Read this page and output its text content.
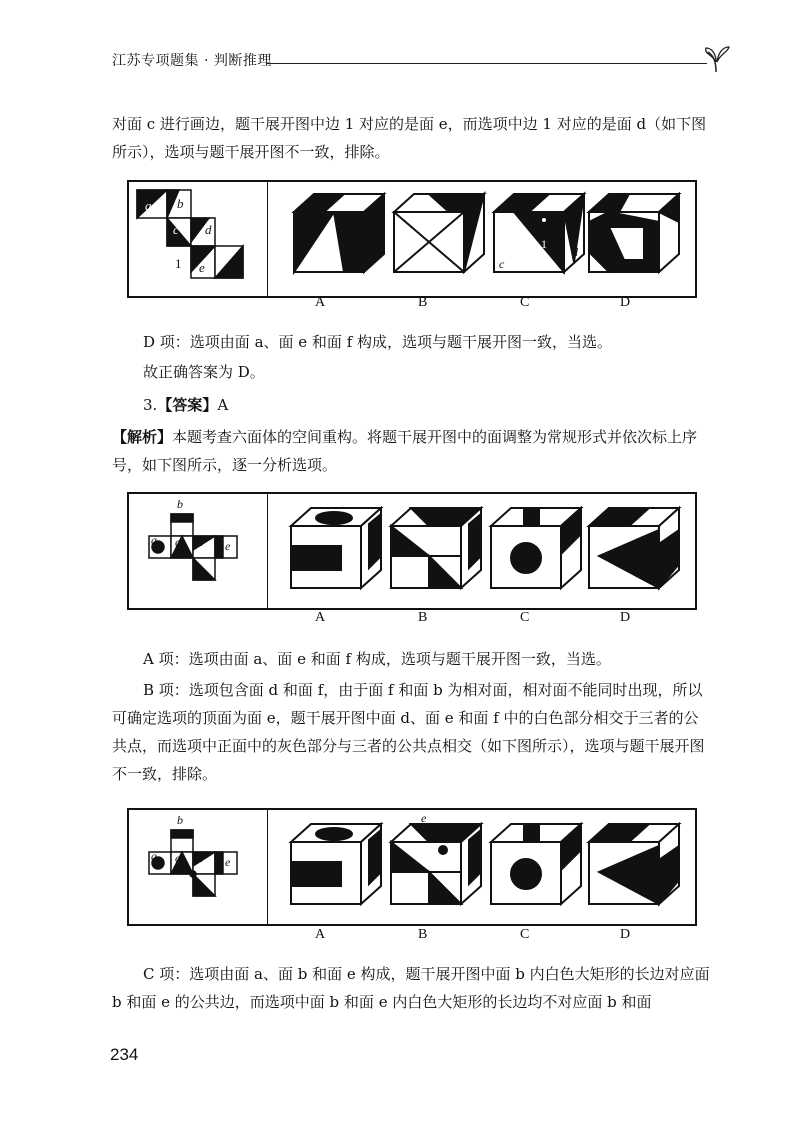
江苏专项题集 · 判断推理
对面 c 进行画边，题干展开图中边 1 对应的是面 e，而选项中边 1 对应的是面 d（如下图所示），选项与题干展开图不一致，排除。
a b
c d
e f
1
e
c
d
1
A	B	C	D
D 项：选项由面 a、面 e 和面 f 构成，选项与题干展开图一致，当选。
故正确答案为 D。
3.【答案】A
【解析】本题考查六面体的空间重构。将题干展开图中的面调整为常规形式并依次标上序号，如下图所示，逐一分析选项。
b
a c d e
f
A	B	C	D
A 项：选项由面 a、面 e 和面 f 构成，选项与题干展开图一致，当选。
B 项：选项包含面 d 和面 f，由于面 f 和面 b 为相对面，相对面不能同时出现，所以可确定选项的顶面为面 e，题干展开图中面 d、面 e 和面 f 中的白色部分相交于三者的公共点，而选项中正面中的灰色部分与三者的公共点相交（如下图所示），选项与题干展开图不一致，排除。
b
a c d e
f
e
A	B	C	D
C 项：选项由面 a、面 b 和面 e 构成，题干展开图中面 b 内白色大矩形的长边对应面 b 和面 e 的公共边，而选项中面 b 和面 e 内白色大矩形的长边均不对应面 b 和面
234
